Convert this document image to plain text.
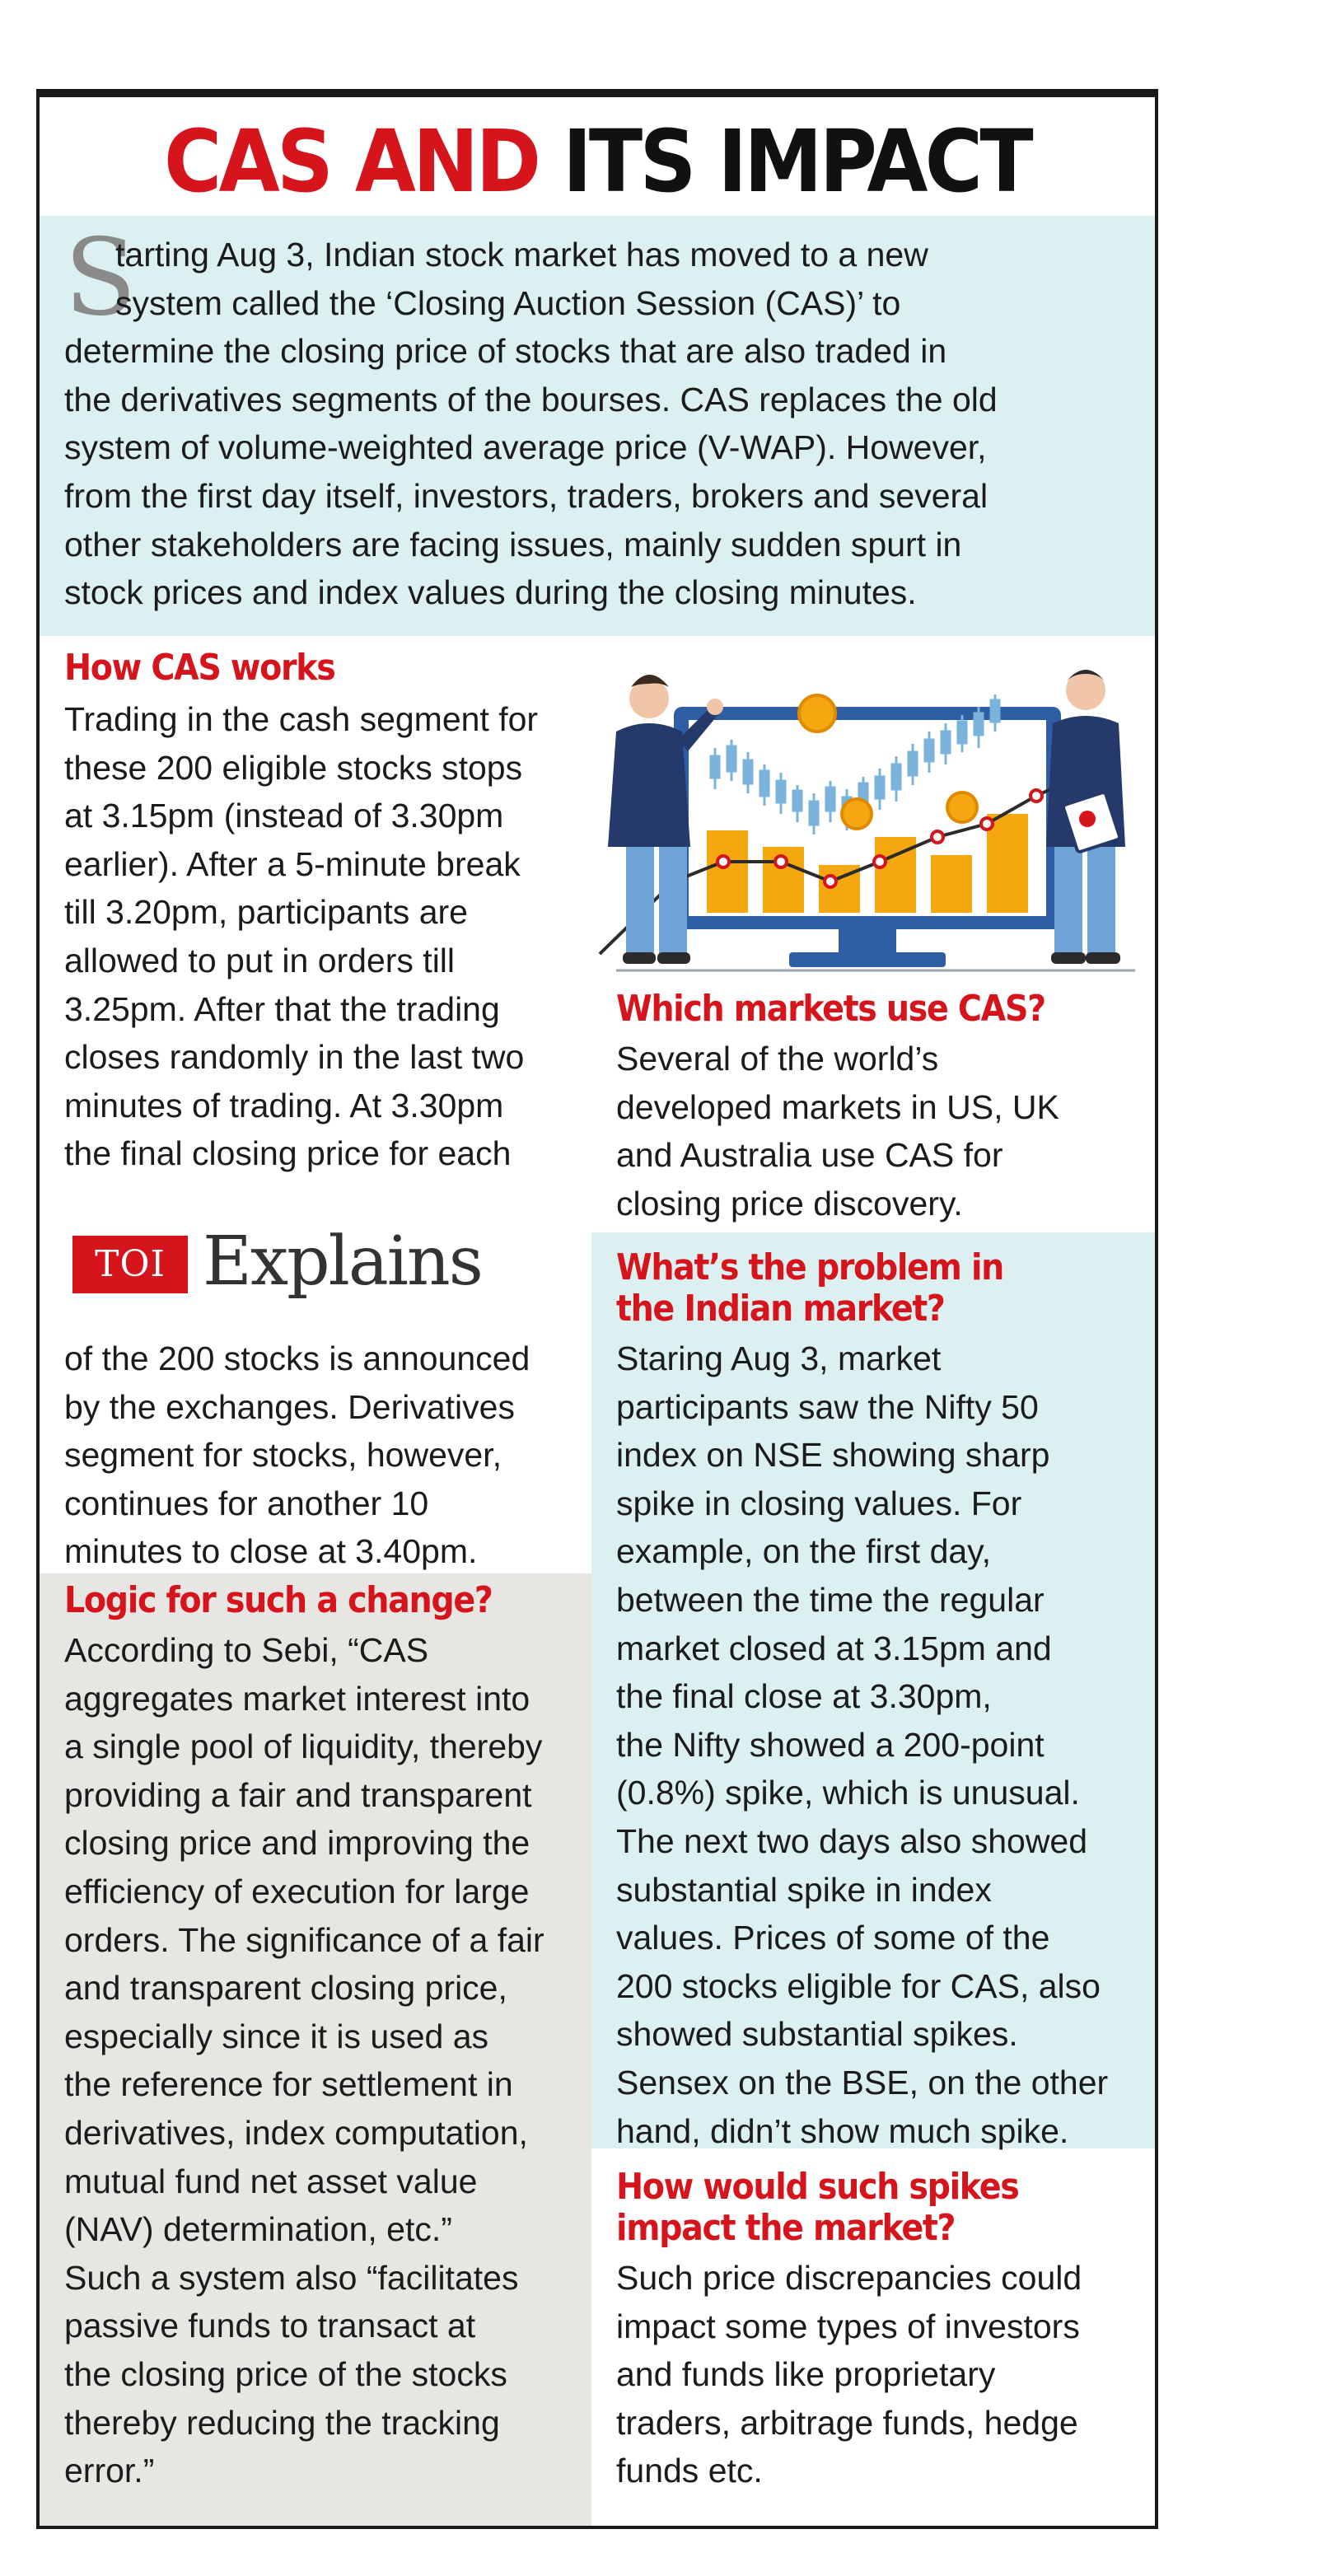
CAS AND ITS IMPACT
S
tarting Aug 3, Indian stock market has moved to a new
system called the ‘Closing Auction Session (CAS)’ to
determine the closing price of stocks that are also traded in
the derivatives segments of the bourses. CAS replaces the old
system of volume-weighted average price (V-WAP). However,
from the first day itself, investors, traders, brokers and several
other stakeholders are facing issues, mainly sudden spurt in
stock prices and index values during the closing minutes.
How CAS works
Trading in the cash segment for
these 200 eligible stocks stops
at 3.15pm (instead of 3.30pm
earlier). After a 5-minute break
till 3.20pm, participants are
allowed to put in orders till
3.25pm. After that the trading
closes randomly in the last two
minutes of trading. At 3.30pm
the final closing price for each
TOI Explains
of the 200 stocks is announced
by the exchanges. Derivatives
segment for stocks, however,
continues for another 10
minutes to close at 3.40pm.
Logic for such a change?
According to Sebi, “CAS
aggregates market interest into
a single pool of liquidity, thereby
providing a fair and transparent
closing price and improving the
efficiency of execution for large
orders. The significance of a fair
and transparent closing price,
especially since it is used as
the reference for settlement in
derivatives, index computation,
mutual fund net asset value
(NAV) determination, etc.”
Such a system also “facilitates
passive funds to transact at
the closing price of the stocks
thereby reducing the tracking
error.”
Which markets use CAS?
Several of the world’s
developed markets in US, UK
and Australia use CAS for
closing price discovery.
What’s the problem in
the Indian market?
Staring Aug 3, market
participants saw the Nifty 50
index on NSE showing sharp
spike in closing values. For
example, on the first day,
between the time the regular
market closed at 3.15pm and
the final close at 3.30pm,
the Nifty showed a 200-point
(0.8%) spike, which is unusual.
The next two days also showed
substantial spike in index
values. Prices of some of the
200 stocks eligible for CAS, also
showed substantial spikes.
Sensex on the BSE, on the other
hand, didn’t show much spike.
How would such spikes
impact the market?
Such price discrepancies could
impact some types of investors
and funds like proprietary
traders, arbitrage funds, hedge
funds etc.
